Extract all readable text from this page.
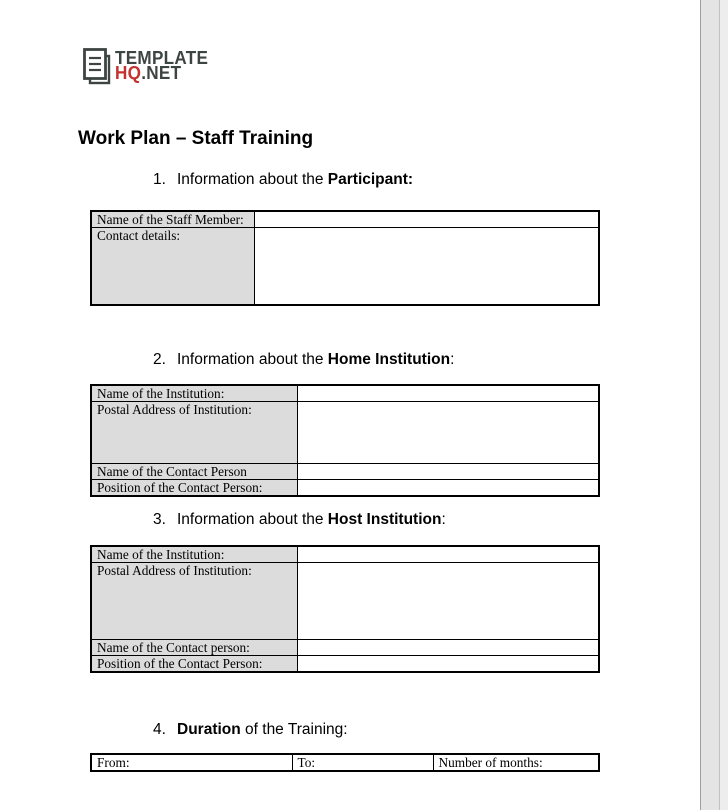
TEMPLATE
HQ.NET
Work Plan – Staff Training
1. Information about the Participant:
Name of the Staff Member:	
Contact details:	
2. Information about the Home Institution:
Name of the Institution:	
Postal Address of Institution:	
Name of the Contact Person	
Position of the Contact Person:	
3. Information about the Host Institution:
Name of the Institution:	
Postal Address of Institution:	
Name of the Contact person:	
Position of the Contact Person:	
4. Duration of the Training:
From:	To:	Number of months:
